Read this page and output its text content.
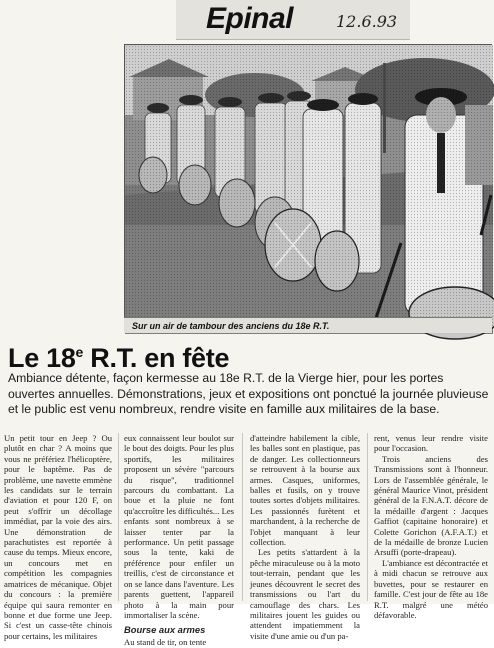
Epinal	12.6.93
Sur un air de tambour des anciens du 18e R.T.
Le 18e R.T. en fête
Ambiance détente, façon kermesse au 18e R.T. de la Vierge hier, pour les portes ouvertes annuelles. Démonstrations, jeux et expositions ont ponctué la journée pluvieuse et le public est venu nombreux, rendre visite en famille aux militaires de la base.

Un petit tour en Jeep ? Ou plutôt en char ? A moins que vous ne préfériez l'hélicoptère, pour le baptême. Pas de problème, une navette emmène les candidats sur le terrain d'aviation et pour 120 F, on peut s'offrir un décollage immédiat, par la voie des airs. Une démonstration de parachutistes est reportée à cause du temps. Mieux encore, un concours met en compétition les compagnies amatrices de mécanique. Objet du concours : la première équipe qui saura remonter en bonne et due forme une Jeep. Si c'est un casse-tête chinois pour certains, les militaires

eux connaissent leur boulot sur le bout des doigts. Pour les plus sportifs, les militaires proposent un sévère "parcours du risque", traditionnel parcours du combattant. La boue et la pluie ne font qu'accroître les difficultés... Les enfants sont nombreux à se laisser tenter par la performance. Un petit passage sous la tente, kaki de préférence pour enfiler un treillis, c'est de circonstance et on se lance dans l'aventure. Les parents guettent, l'appareil photo à la main pour immortaliser la scène.

Bourse aux armes

Au stand de tir, on tente

d'atteindre habilement la cible, les balles sont en plastique, pas de danger. Les collectionneurs se retrouvent à la bourse aux armes. Casques, uniformes, balles et fusils, on y trouve toutes sortes d'objets militaires. Les passionnés furètent et marchandent, à la recherche de l'objet manquant à leur collection.

Les petits s'attardent à la pêche miraculeuse ou à la moto tout-terrain, pendant que les jeunes découvrent le secret des transmissions ou l'art du camouflage des chars. Les militaires jouent les guides ou attendent impatiemment la visite d'une amie ou d'un pa-

rent, venus leur rendre visite pour l'occasion.

Trois anciens des Transmissions sont à l'honneur. Lors de l'assemblée générale, le général Maurice Vinot, président général de la F.N.A.T. décore de la médaille d'argent : Jacques Gaffiot (capitaine honoraire) et Colette Gorichon (A.F.A.T.) et de la médaille de bronze Lucien Arsuffi (porte-drapeau).

L'ambiance est décontractée et à midi chacun se retrouve aux buvettes, pour se restaurer en famille. C'est jour de fête au 18e R.T. malgré une météo défavorable.
